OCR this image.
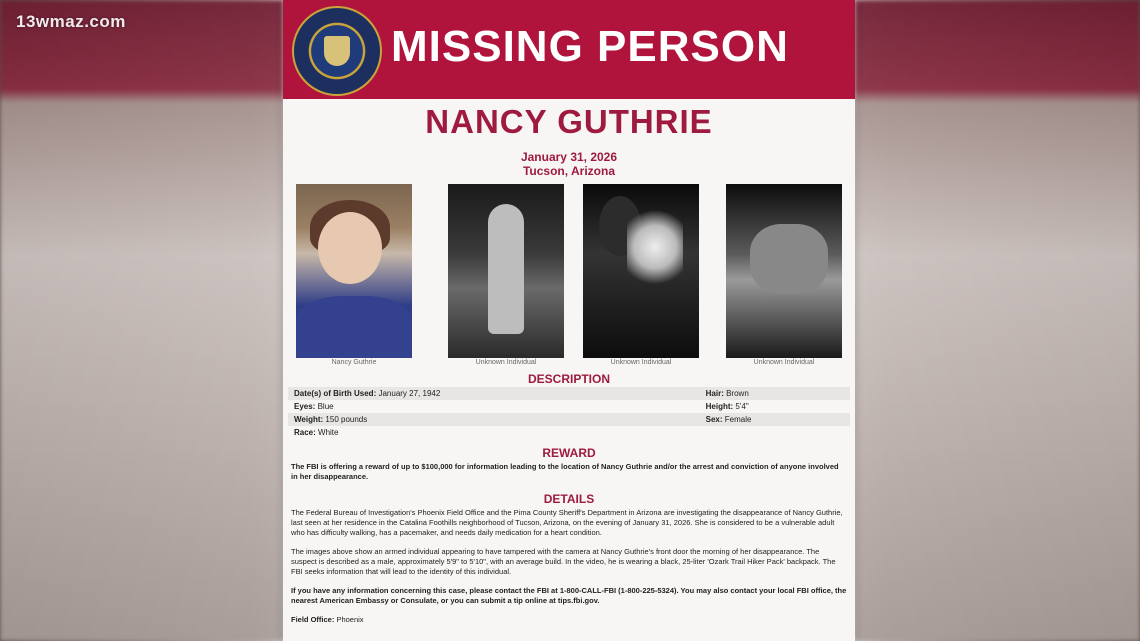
13wmaz.com
MISSING PERSON
NANCY GUTHRIE
January 31, 2026
Tucson, Arizona
Nancy Guthrie	Unknown Individual	Unknown Individual	Unknown Individual
DESCRIPTION
Date(s) of Birth Used: January 27, 1942	Hair: Brown
Eyes: Blue	Height: 5'4"
Weight: 150 pounds	Sex: Female
Race: White	
REWARD
The FBI is offering a reward of up to $100,000 for information leading to the location of Nancy Guthrie and/or the arrest and conviction of anyone involved in her disappearance.
DETAILS
The Federal Bureau of Investigation's Phoenix Field Office and the Pima County Sheriff's Department in Arizona are investigating the disappearance of Nancy Guthrie, last seen at her residence in the Catalina Foothills neighborhood of Tucson, Arizona, on the evening of January 31, 2026. She is considered to be a vulnerable adult who has difficulty walking, has a pacemaker, and needs daily medication for a heart condition.
The images above show an armed individual appearing to have tampered with the camera at Nancy Guthrie's front door the morning of her disappearance. The suspect is described as a male, approximately 5'9" to 5'10", with an average build. In the video, he is wearing a black, 25-liter 'Ozark Trail Hiker Pack' backpack. The FBI seeks information that will lead to the identity of this individual.
If you have any information concerning this case, please contact the FBI at 1-800-CALL-FBI (1-800-225-5324). You may also contact your local FBI office, the nearest American Embassy or Consulate, or you can submit a tip online at tips.fbi.gov.
Field Office: Phoenix
